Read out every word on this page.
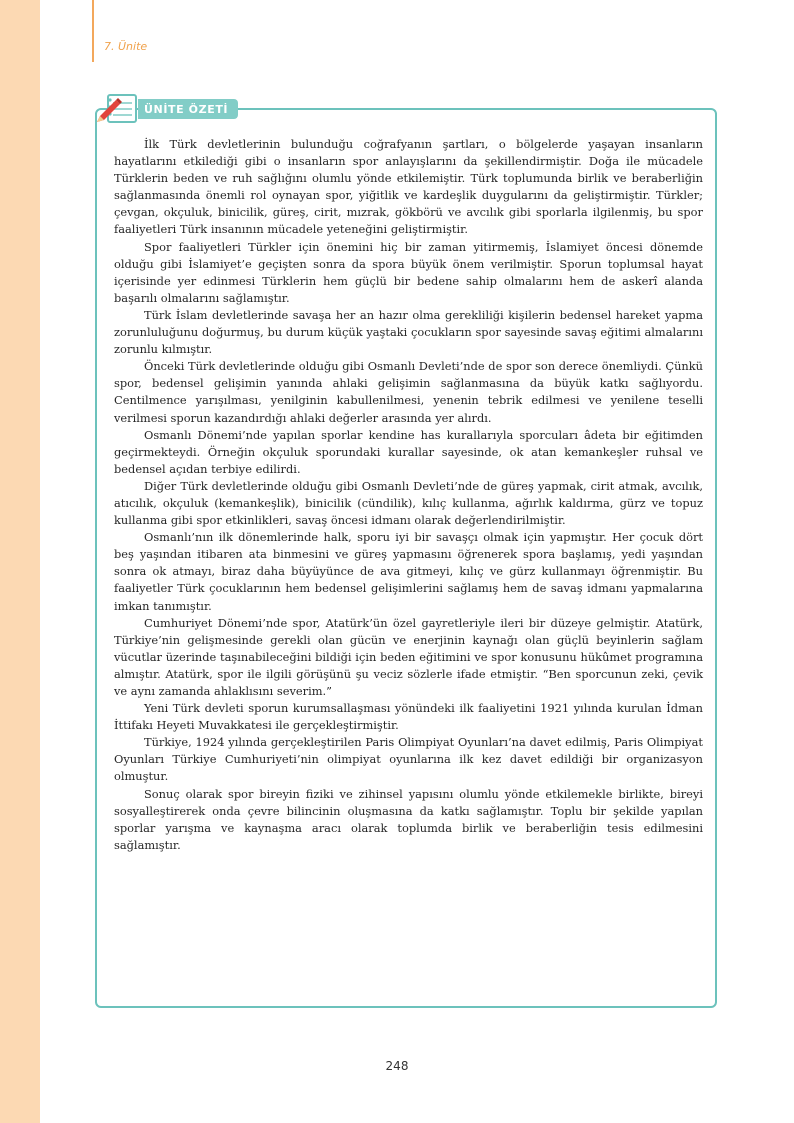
7. Ünite
ÜNİTE ÖZETİ

İlk Türk devletlerinin bulunduğu coğrafyanın şartları, o bölgelerde yaşayan insanların hayatlarını etkilediği gibi o insanların spor anlayışlarını da şekillendirmiştir. Doğa ile mücadele Türklerin beden ve ruh sağlığını olumlu yönde etkilemiştir. Türk toplumunda birlik ve beraberliğin sağlanmasında önemli rol oynayan spor, yiğitlik ve kardeşlik duygularını da geliştirmiştir. Türkler; çevgan, okçuluk, binicilik, güreş, cirit, mızrak, gökbörü ve avcılık gibi sporlarla ilgilenmiş, bu spor faaliyetleri Türk insanının mücadele yeteneğini geliştirmiştir.

Spor faaliyetleri Türkler için önemini hiç bir zaman yitirmemiş, İslamiyet öncesi dönemde olduğu gibi İslamiyet’e geçişten sonra da spora büyük önem verilmiştir. Sporun toplumsal hayat içerisinde yer edinmesi Türklerin hem güçlü bir bedene sahip olmalarını hem de askerî alanda başarılı olmalarını sağlamıştır.

Türk İslam devletlerinde savaşa her an hazır olma gerekliliği kişilerin bedensel hareket yapma zorunluluğunu doğurmuş, bu durum küçük yaştaki çocukların spor sayesinde savaş eğitimi almalarını zorunlu kılmıştır.

Önceki Türk devletlerinde olduğu gibi Osmanlı Devleti’nde de spor son derece önemliydi. Çünkü spor, bedensel gelişimin yanında ahlaki gelişimin sağlanmasına da büyük katkı sağlıyordu. Centilmence yarışılması, yenilginin kabullenilmesi, yenenin tebrik edilmesi ve yenilene teselli verilmesi sporun kazandırdığı ahlaki değerler arasında yer alırdı.

Osmanlı Dönemi’nde yapılan sporlar kendine has kurallarıyla sporcuları âdeta bir eğitimden geçirmekteydi. Örneğin okçuluk sporundaki kurallar sayesinde, ok atan kemankeşler ruhsal ve bedensel açıdan terbiye edilirdi.

Diğer Türk devletlerinde olduğu gibi Osmanlı Devleti’nde de güreş yapmak, cirit atmak, avcılık, atıcılık, okçuluk (kemankeşlik), binicilik (cündilik), kılıç kullanma, ağırlık kaldırma, gürz ve topuz kullanma gibi spor etkinlikleri, savaş öncesi idmanı olarak değerlendirilmiştir.

Osmanlı’nın ilk dönemlerinde halk, sporu iyi bir savaşçı olmak için yapmıştır. Her çocuk dört beş yaşından itibaren ata binmesini ve güreş yapmasını öğrenerek spora başlamış, yedi yaşından sonra ok atmayı, biraz daha büyüyünce de ava gitmeyi, kılıç ve gürz kullanmayı öğrenmiştir. Bu faaliyetler Türk çocuklarının hem bedensel gelişimlerini sağlamış hem de savaş idmanı yapmalarına imkan tanımıştır.

Cumhuriyet Dönemi’nde spor, Atatürk’ün özel gayretleriyle ileri bir düzeye gelmiştir. Atatürk, Türkiye’nin gelişmesinde gerekli olan gücün ve enerjinin kaynağı olan güçlü beyinlerin sağlam vücutlar üzerinde taşınabileceğini bildiği için beden eğitimini ve spor konusunu hükûmet programına almıştır. Atatürk, spor ile ilgili görüşünü şu veciz sözlerle ifade etmiştir. “Ben sporcunun zeki, çevik ve aynı zamanda ahlaklısını severim.”

Yeni Türk devleti sporun kurumsallaşması yönündeki ilk faaliyetini 1921 yılında kurulan İdman İttifakı Heyeti Muvakkatesi ile gerçekleştirmiştir.

Türkiye, 1924 yılında gerçekleştirilen Paris Olimpiyat Oyunları’na davet edilmiş, Paris Olimpiyat Oyunları Türkiye Cumhuriyeti’nin olimpiyat oyunlarına ilk kez davet edildiği bir organizasyon olmuştur.

Sonuç olarak spor bireyin fiziki ve zihinsel yapısını olumlu yönde etkilemekle birlikte, bireyi sosyalleştirerek onda çevre bilincinin oluşmasına da katkı sağlamıştır. Toplu bir şekilde yapılan sporlar yarışma ve kaynaşma aracı olarak toplumda birlik ve beraberliğin tesis edilmesini sağlamıştır.

248
